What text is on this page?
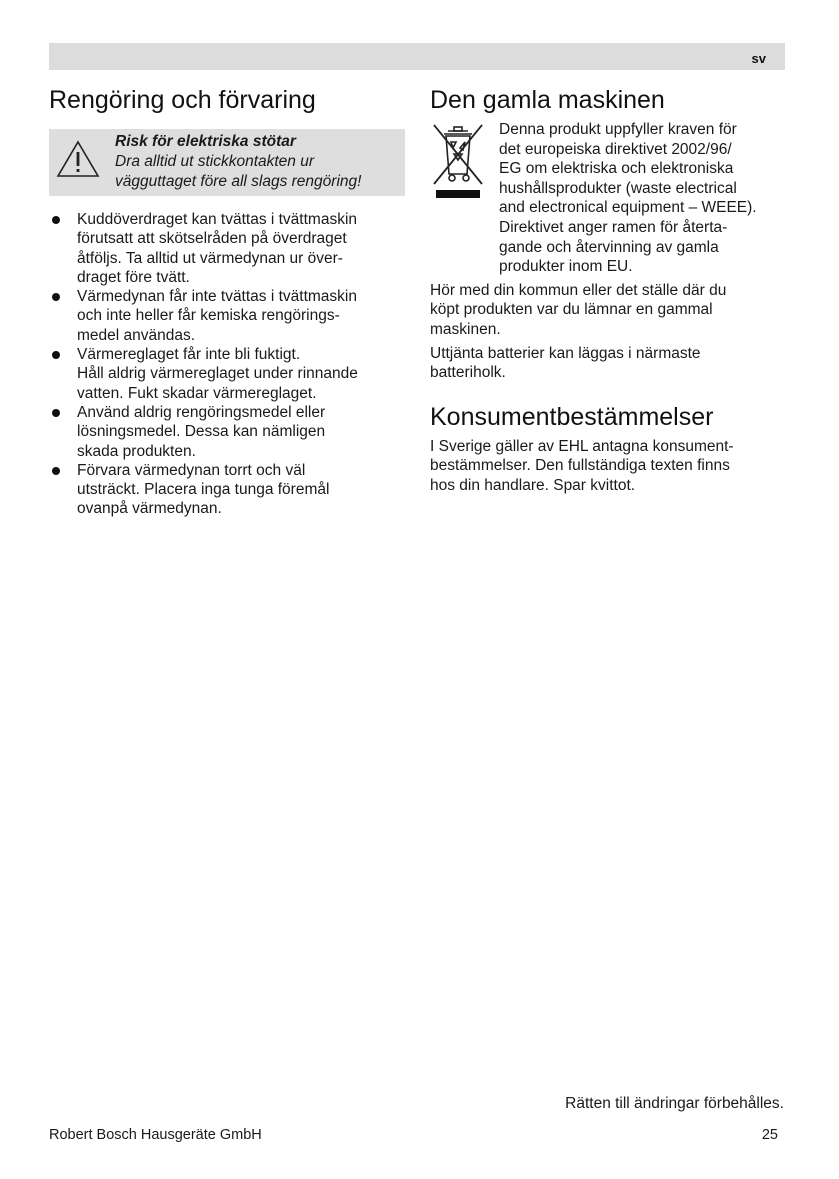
sv
Rengöring och förvaring
Risk för elektriska stötar
Dra alltid ut stickkontakten ur
vägguttaget före all slags rengöring!
Kuddöverdraget kan tvättas i tvättmaskin
förutsatt att skötselråden på överdraget
åtföljs. Ta alltid ut värmedynan ur över-
draget före tvätt.
Värmedynan får inte tvättas i tvättmaskin
och inte heller får kemiska rengörings-
medel användas.
Värmereglaget får inte bli fuktigt.
Håll aldrig värmereglaget under rinnande
vatten. Fukt skadar värmereglaget.
Använd aldrig rengöringsmedel eller
lösningsmedel. Dessa kan nämligen
skada produkten.
Förvara värmedynan torrt och väl
utsträckt. Placera inga tunga föremål
ovanpå värmedynan.
Den gamla maskinen
Denna produkt uppfyller kraven för
det europeiska direktivet 2002/96/
EG om elektriska och elektroniska
hushållsprodukter (waste electrical
and electronical equipment – WEEE).
Direktivet anger ramen för återta-
gande och återvinning av gamla
produkter inom EU.

Hör med din kommun eller det ställe där du
köpt produkten var du lämnar en gammal
maskinen.

Uttjänta batterier kan läggas i närmaste
batteriholk.

Konsumentbestämmelser

I Sverige gäller av EHL antagna konsument-
bestämmelser. Den fullständiga texten finns
hos din handlare. Spar kvittot.

Rätten till ändringar förbehålles.
Robert Bosch Hausgeräte GmbH	25
